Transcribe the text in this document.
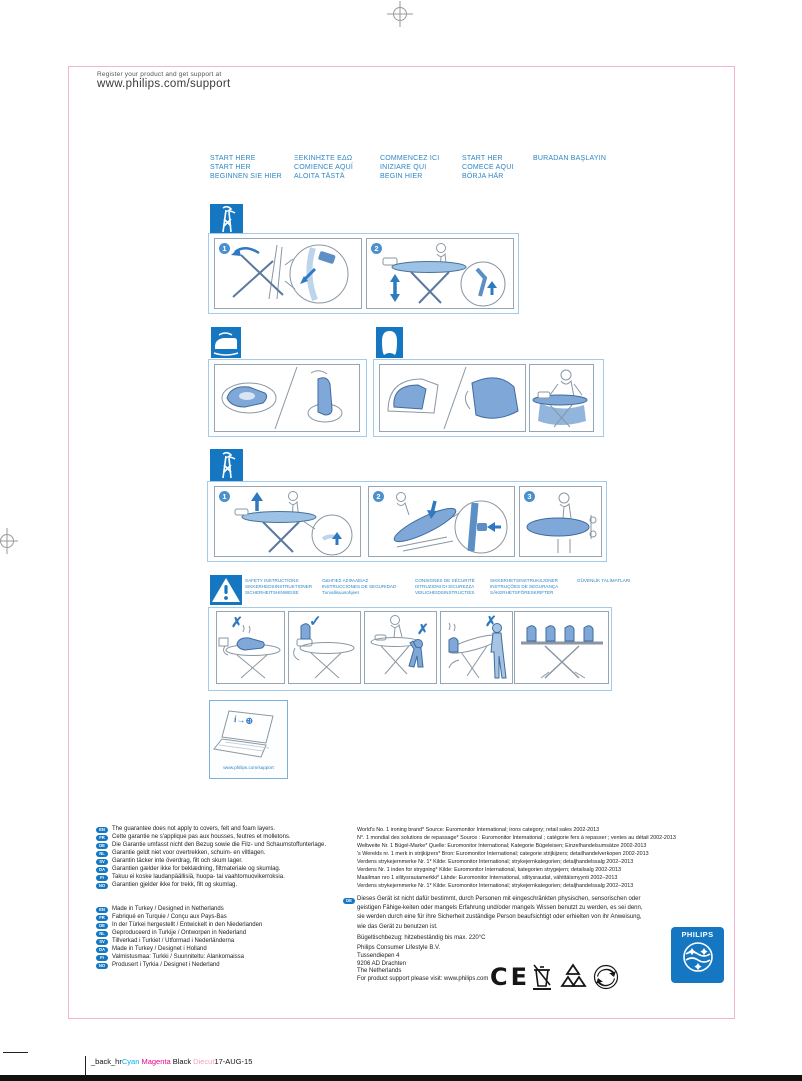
Register your product and get support at
www.philips.com/support
START HERE
START HER
BEGINNEN SIE HIER
ΞΕΚΙΝΗΣΤΕ ΕΔΩ
COMIENCE AQUÍ
ALOITA TÄSTÄ
COMMENCEZ ICI
INIZIARE QUI
BEGIN HIER
START HER
COMECE AQUI
BÖRJA HÄR
BURADAN BAŞLAYIN
1	2
1	2	3
SAFETY INSTRUCTIONS
SIKKERHEDSINSTRUKTIONER
SICHERHEITSHINWEISE
ΟΔΗΓΙΕΣ ΑΣΦΑΛΕΙΑΣ
INSTRUCCIONES DE SEGURIDAD
Turvallisuusohjeet
CONSIGNES DE SÉCURITÉ
ISTRUZIONI DI SICUREZZA
VEILIGHEIDSINSTRUCTIES
SIKKERHETSINSTRUKSJONER
INSTRUÇÕES DE SEGURANÇA
SÄKERHETSFÖRESKRIFTER
GÜVENLİK TALİMATLARI
✗	✓	✗	✗
i→⊕
www.philips.com/support
EN	The guarantee does not apply to covers, felt and foam layers.
FR	Cette garantie ne s'applique pas aux housses, feutres et molletons.
DE	Die Garantie umfasst nicht den Bezug sowie die Filz- und Schaumstoffunterlage.
NL	Garantie geldt niet voor overtrekken, schuim- en viltlagen.
SV	Garantin täcker inte överdrag, filt och skum lager.
DA	Garantien gælder ikke for beklædning, filtmateriale og skumlag.
FI	Takuu ei koske laudanpäällisiä, huopa- tai vaahtomuovikerroksia.
NO	Garantien gjelder ikke for trekk, filt og skumlag.
World's No. 1 ironing brand* Source: Euromonitor International; irons category; retail sales 2002-2013
N°. 1 mondial des solutions de repassage* Source : Euromonitor International ; catégorie fers à repasser ; ventes au détail 2002-2013
Weltweite Nr. 1 Bügel-Marke* Quelle: Euromonitor International; Kategorie Bügeleisen; Einzelhandelsumsätze 2002-2013
's Werelds nr. 1 merk in strijkijzers* Bron: Euromonitor International; categorie strijkijzers; detailhandelverkopen 2002-2013
Verdens strykejernmerke Nr. 1* Kilde: Euromonitor International; strykejernkategorien; detaljhandelssalg 2002–2013
Verdens Nr. 1 inden for strygning* Kilde: Euromonitor International, kategorien strygejern; detailsalg 2002-2013
Maailman nro 1 silitysrautamerkki* Lähde: Euromonitor International, silitysraudat, vähittäismyynti 2002–2013
Verdens strykejernmerke Nr. 1* Kilde: Euromonitor International; strykejernkategorien; detaljhandelssalg 2002–2013
DE Dieses Gerät ist nicht dafür bestimmt, durch Personen mit eingeschränkten physischen, sensorischen oder
geistigen Fähige-keiten oder mangels Erfahrung und/oder mangels Wissen benutzt zu werden, es sei denn,
sie werden durch eine für ihre Sicherheit zuständige Person beaufsichtigt oder erhielten von ihr Anweisung,
wie das Gerät zu benutzen ist.
Bügeltischbezug: hitzebeständig bis max. 220°C
EN	Made in Turkey / Designed in Netherlands
FR	Fabriqué en Turquie / Conçu aux Pays-Bas
DE	In der Türkei hergestellt / Entwickelt in den Niederlanden
NL	Geproduceerd in Turkije / Ontworpen in Nederland
SV	Tillverkad i Turkiet / Utformad i Nederländerna
DA	Made in Turkey / Designet i Holland
FI	Valmistusmaa: Turkki / Suunniteltu: Alankomaissa
NO	Produsert i Tyrkia / Designet i Nederland
Philips Consumer Lifestyle B.V.
Tussendiepen 4
9206 AD Drachten
The Netherlands
For product support please visit: www.philips.com CE
PHILIPS
_back_hrCyan Magenta Black Diecut17-AUG-15
